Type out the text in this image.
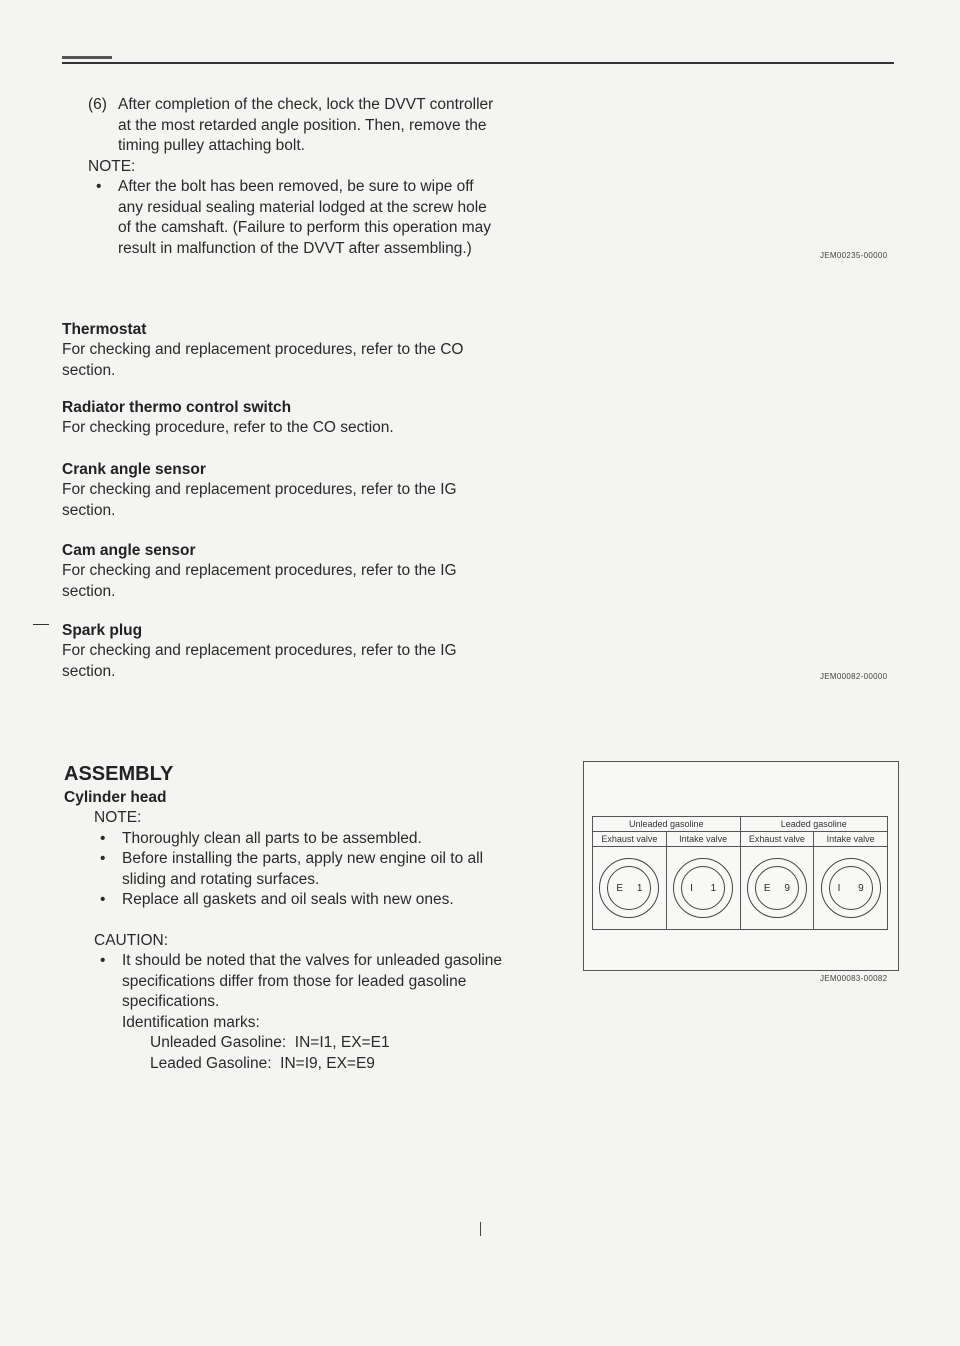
(6) After completion of the check, lock the DVVT controller
at the most retarded angle position. Then, remove the
timing pulley attaching bolt.
NOTE:
• After the bolt has been removed, be sure to wipe off
any residual sealing material lodged at the screw hole
of the camshaft. (Failure to perform this operation may
result in malfunction of the DVVT after assembling.)	JEM00235-00000
Thermostat
For checking and replacement procedures, refer to the CO
section.
Radiator thermo control switch
For checking procedure, refer to the CO section.
Crank angle sensor
For checking and replacement procedures, refer to the IG
section.
Cam angle sensor
For checking and replacement procedures, refer to the IG
section.
Spark plug
For checking and replacement procedures, refer to the IG
section.	JEM00082-00000
ASSEMBLY
Cylinder head
NOTE:
• Thoroughly clean all parts to be assembled.
• Before installing the parts, apply new engine oil to all
sliding and rotating surfaces.
• Replace all gaskets and oil seals with new ones.
CAUTION:
• It should be noted that the valves for unleaded gasoline
specifications differ from those for leaded gasoline
specifications.
Identification marks:
Unleaded Gasoline: IN=I1, EX=E1
Leaded Gasoline: IN=I9, EX=E9
Unleaded gasoline	Leaded gasoline
Exhaust valve	Intake valve	Exhaust valve	Intake valve
E 1	I 1	E 9	I 9
JEM00083-00082
